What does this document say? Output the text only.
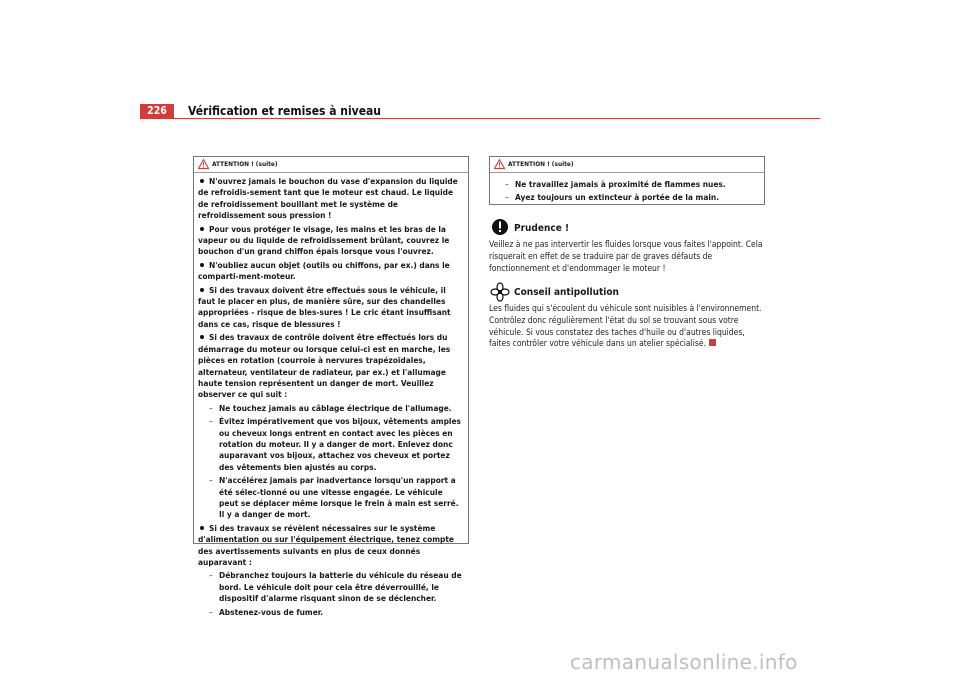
226	Vérification et remises à niveau
ATTENTION ! (suite)
N'ouvrez jamais le bouchon du vase d'expansion du liquide de refroidis-sement tant que le moteur est chaud. Le liquide de refroidissement bouillant met le système de refroidissement sous pression !
Pour vous protéger le visage, les mains et les bras de la vapeur ou du liquide de refroidissement brûlant, couvrez le bouchon d'un grand chiffon épais lorsque vous l'ouvrez.
N'oubliez aucun objet (outils ou chiffons, par ex.) dans le comparti-ment-moteur.
Si des travaux doivent être effectués sous le véhicule, il faut le placer en plus, de manière sûre, sur des chandelles appropriées - risque de bles-sures ! Le cric étant insuffisant dans ce cas, risque de blessures !
Si des travaux de contrôle doivent être effectués lors du démarrage du moteur ou lorsque celui-ci est en marche, les pièces en rotation (courroie à nervures trapézoïdales, alternateur, ventilateur de radiateur, par ex.) et l'allumage haute tension représentent un danger de mort. Veuillez observer ce qui suit :
– Ne touchez jamais au câblage électrique de l'allumage.
– Évitez impérativement que vos bijoux, vêtements amples ou cheveux longs entrent en contact avec les pièces en rotation du moteur. Il y a danger de mort. Enlevez donc auparavant vos bijoux, attachez vos cheveux et portez des vêtements bien ajustés au corps.
– N'accélérez jamais par inadvertance lorsqu'un rapport a été sélec-tionné ou une vitesse engagée. Le véhicule peut se déplacer même lorsque le frein à main est serré. Il y a danger de mort.
Si des travaux se révèlent nécessaires sur le système d'alimentation ou sur l'équipement électrique, tenez compte des avertissements suivants en plus de ceux donnés auparavant :
– Débranchez toujours la batterie du véhicule du réseau de bord. Le véhicule doit pour cela être déverrouillé, le dispositif d'alarme risquant sinon de se déclencher.
– Abstenez-vous de fumer.
ATTENTION ! (suite)
– Ne travaillez jamais à proximité de flammes nues.
– Ayez toujours un extincteur à portée de la main.
Prudence !
Veillez à ne pas intervertir les fluides lorsque vous faites l'appoint. Cela risquerait en effet de se traduire par de graves défauts de fonctionnement et d'endommager le moteur !
Conseil antipollution
Les fluides qui s'écoulent du véhicule sont nuisibles à l'environnement. Contrôlez donc régulièrement l'état du sol se trouvant sous votre véhicule. Si vous constatez des taches d'huile ou d'autres liquides, faites contrôler votre véhicule dans un atelier spécialisé.
carmanualsonline.info
